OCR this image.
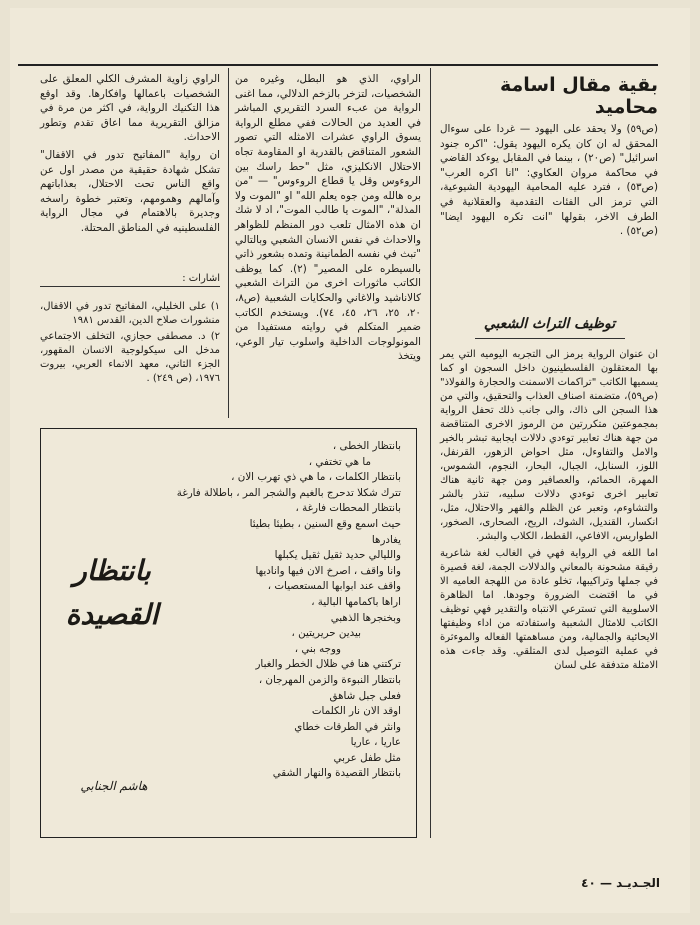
بقية مقال اسامة محاميد

(ص٥٩) ولا يحقد على اليهود — غردا على سوءال المحقق له ان كان يكره اليهود يقول: "اكره جنود اسرائيل" (ص٢٠) ، بينما في المقابل يوءكد القاضي في محاكمة مروان العكاوي: "انا اكره العرب" (ص٥٣) ، فترد عليه المحامية اليهودية الشيوعية، التي ترمز الى الفئات التقدمية والعقلانية في الطرف الاخر، بقولها "انت تكره اليهود ايضا" (ص٥٢) .

توظيف التراث الشعبي

ان عنوان الرواية يرمز الى التجربه اليوميه التي يمر بها المعتقلون الفلسطينيون داخل السجون او كما يسميها الكاتب "تراكمات الاسمنت والحجارة والفولاذ" (ص٥٩)، متضمنة اصناف العذاب والتحقيق، والتي من هذا السجن الى ذاك، والى جانب ذلك تحفل الرواية بمجموعتين متكررتين من الرموز الاخرى المتناقضة من جهة هناك تعابير توءدي دلالات ايجابية تبشر بالخير والامل والتفاوءل، مثل احواض الزهور، القرنفل، اللوز، السنابل، الجبال، البحار، النجوم، الشموس، المهرة، الحمائم، والعصافير ومن جهة ثانية هناك تعابير اخرى توءدي دلالات سلبيه، تنذر بالشر والتشاوءم، وتعبر عن الظلم والقهر والاحتلال، مثل، انكسار، القنديل، الشوك، الريح، الصحارى، الصخور، الطواريس، الافاعي، القطط، الكلاب والبشر.

اما اللغه في الرواية فهي في الغالب لغة شاعرية رقيقة مشحونة بالمعاني والدلالات الجمة، لغة قصيرة في جملها وتراكيبها، تخلو عادة من اللهجة العاميه الا في ما اقتضت الضرورة وجودها. اما الظاهرة الاسلوبية التي تسترعي الانتباه والتقدير فهي توظيف الكاتب للامثال الشعبية واستفادته من اداء وظيفتها الايحائية والجمالية، ومن مساهمتها الفعاله والموءثرة في عملية التوصيل لدى المتلقي. وقد جاءت هذه الامثلة متدفقة على لسان

الراوي، الذي هو البطل، وغيره من الشخصيات، لتزخر بالزخم الدلالي، مما اغنى الرواية من عبء السرد التقريري المباشر في العديد من الحالات ففي مطلع الرواية يسوق الراوي عشرات الامثله التي تصور الشعور المتناقض بالقدرية او المقاومة تجاه الاحتلال الانكليزي، مثل "حط راسك بين الروءوس وقل يا قطاع الروءوس" — "من بره هالله ومن جوه يعلم الله" او "الموت ولا المذلة"، "الموت يا طالب الموت"، اد لا شك ان هذه الامثال تلعب دور المنظم للظواهر والاحداث في نفس الانسان الشعبي وبالتالي "تبث في نفسه الطمانينة وتمده بشعور ذاتي بالسيطره على المصير" (٢). كما يوظف الكاتب ماثورات اخرى من التراث الشعبي كالاناشيد والاغاني والحكايات الشعبية (ص٨، ٢٠، ٢٥، ٢٦، ٤٥، ٧٤). ويستخدم الكاتب ضمير المتكلم في روايته مستفيدا من المونولوجات الداخلية واسلوب تيار الوعي، ويتخذ

الراوي زاوية المشرف الكلي المعلق على الشخصيات باعمالها وافكارها. وقد اوقع هذا التكنيك الرواية، في اكثر من مرة في مزالق التقريرية مما اعاق تقدم وتطور الاحداث.

ان رواية "المفاتيح تدور في الاقفال" تشكل شهادة حقيقية من مصدر اول عن واقع الناس تحت الاحتلال، بعذاباتهم وآمالهم وهمومهم، وتعتبر خطوة راسخه وجديرة بالاهتمام في مجال الرواية الفلسطينيه في المناطق المحتلة.

اشارات :
١) على الخليلي، المفاتيح تدور في الاقفال، منشورات صلاح الدين، القدس ١٩٨١
٢) د. مصطفى حجازي، التخلف الاجتماعي مدخل الى سيكولوجية الانسان المقهور، الجزء الثاني، معهد الانماء العربي، بيروت ١٩٧٦، (ص ٢٤٩) .
بانتظار الخطى ،
ما هي تختفي ،
بانتظار الكلمات ، ما هي ذي تهرب الان ،
تترك شكلا تدحرج بالغيم والشجر المر ، باطلالة فارغة
بانتظار المحطات فارغة ،
حيث اسمع وقع السنين ، بطيئا بطيئا
يغادرها
والليالي حديد ثقيل ثقيل يكبلها
وانا واقف ، اصرخ الان فيها واناديها
واقف عند ابوابها المستعصيات ،
اراها باكمامها البالية ،
وبخنجرها الذهبي
بيدين حريريتين ،
ووجه بني ،
تركتني هنا في ظلال الخطر والغبار
بانتظار النبوءة والزمن المهرجان ،
فعلى جبل شاهق
اوقد الان نار الكلمات
وانثر في الطرقات خطاي
عاريا ، عاريا
مثل طفل عربي
بانتظار القصيدة والنهار الشقي
بانتظار القصيدة
هاشم الجنابي
الجـديـد — ٤٠
